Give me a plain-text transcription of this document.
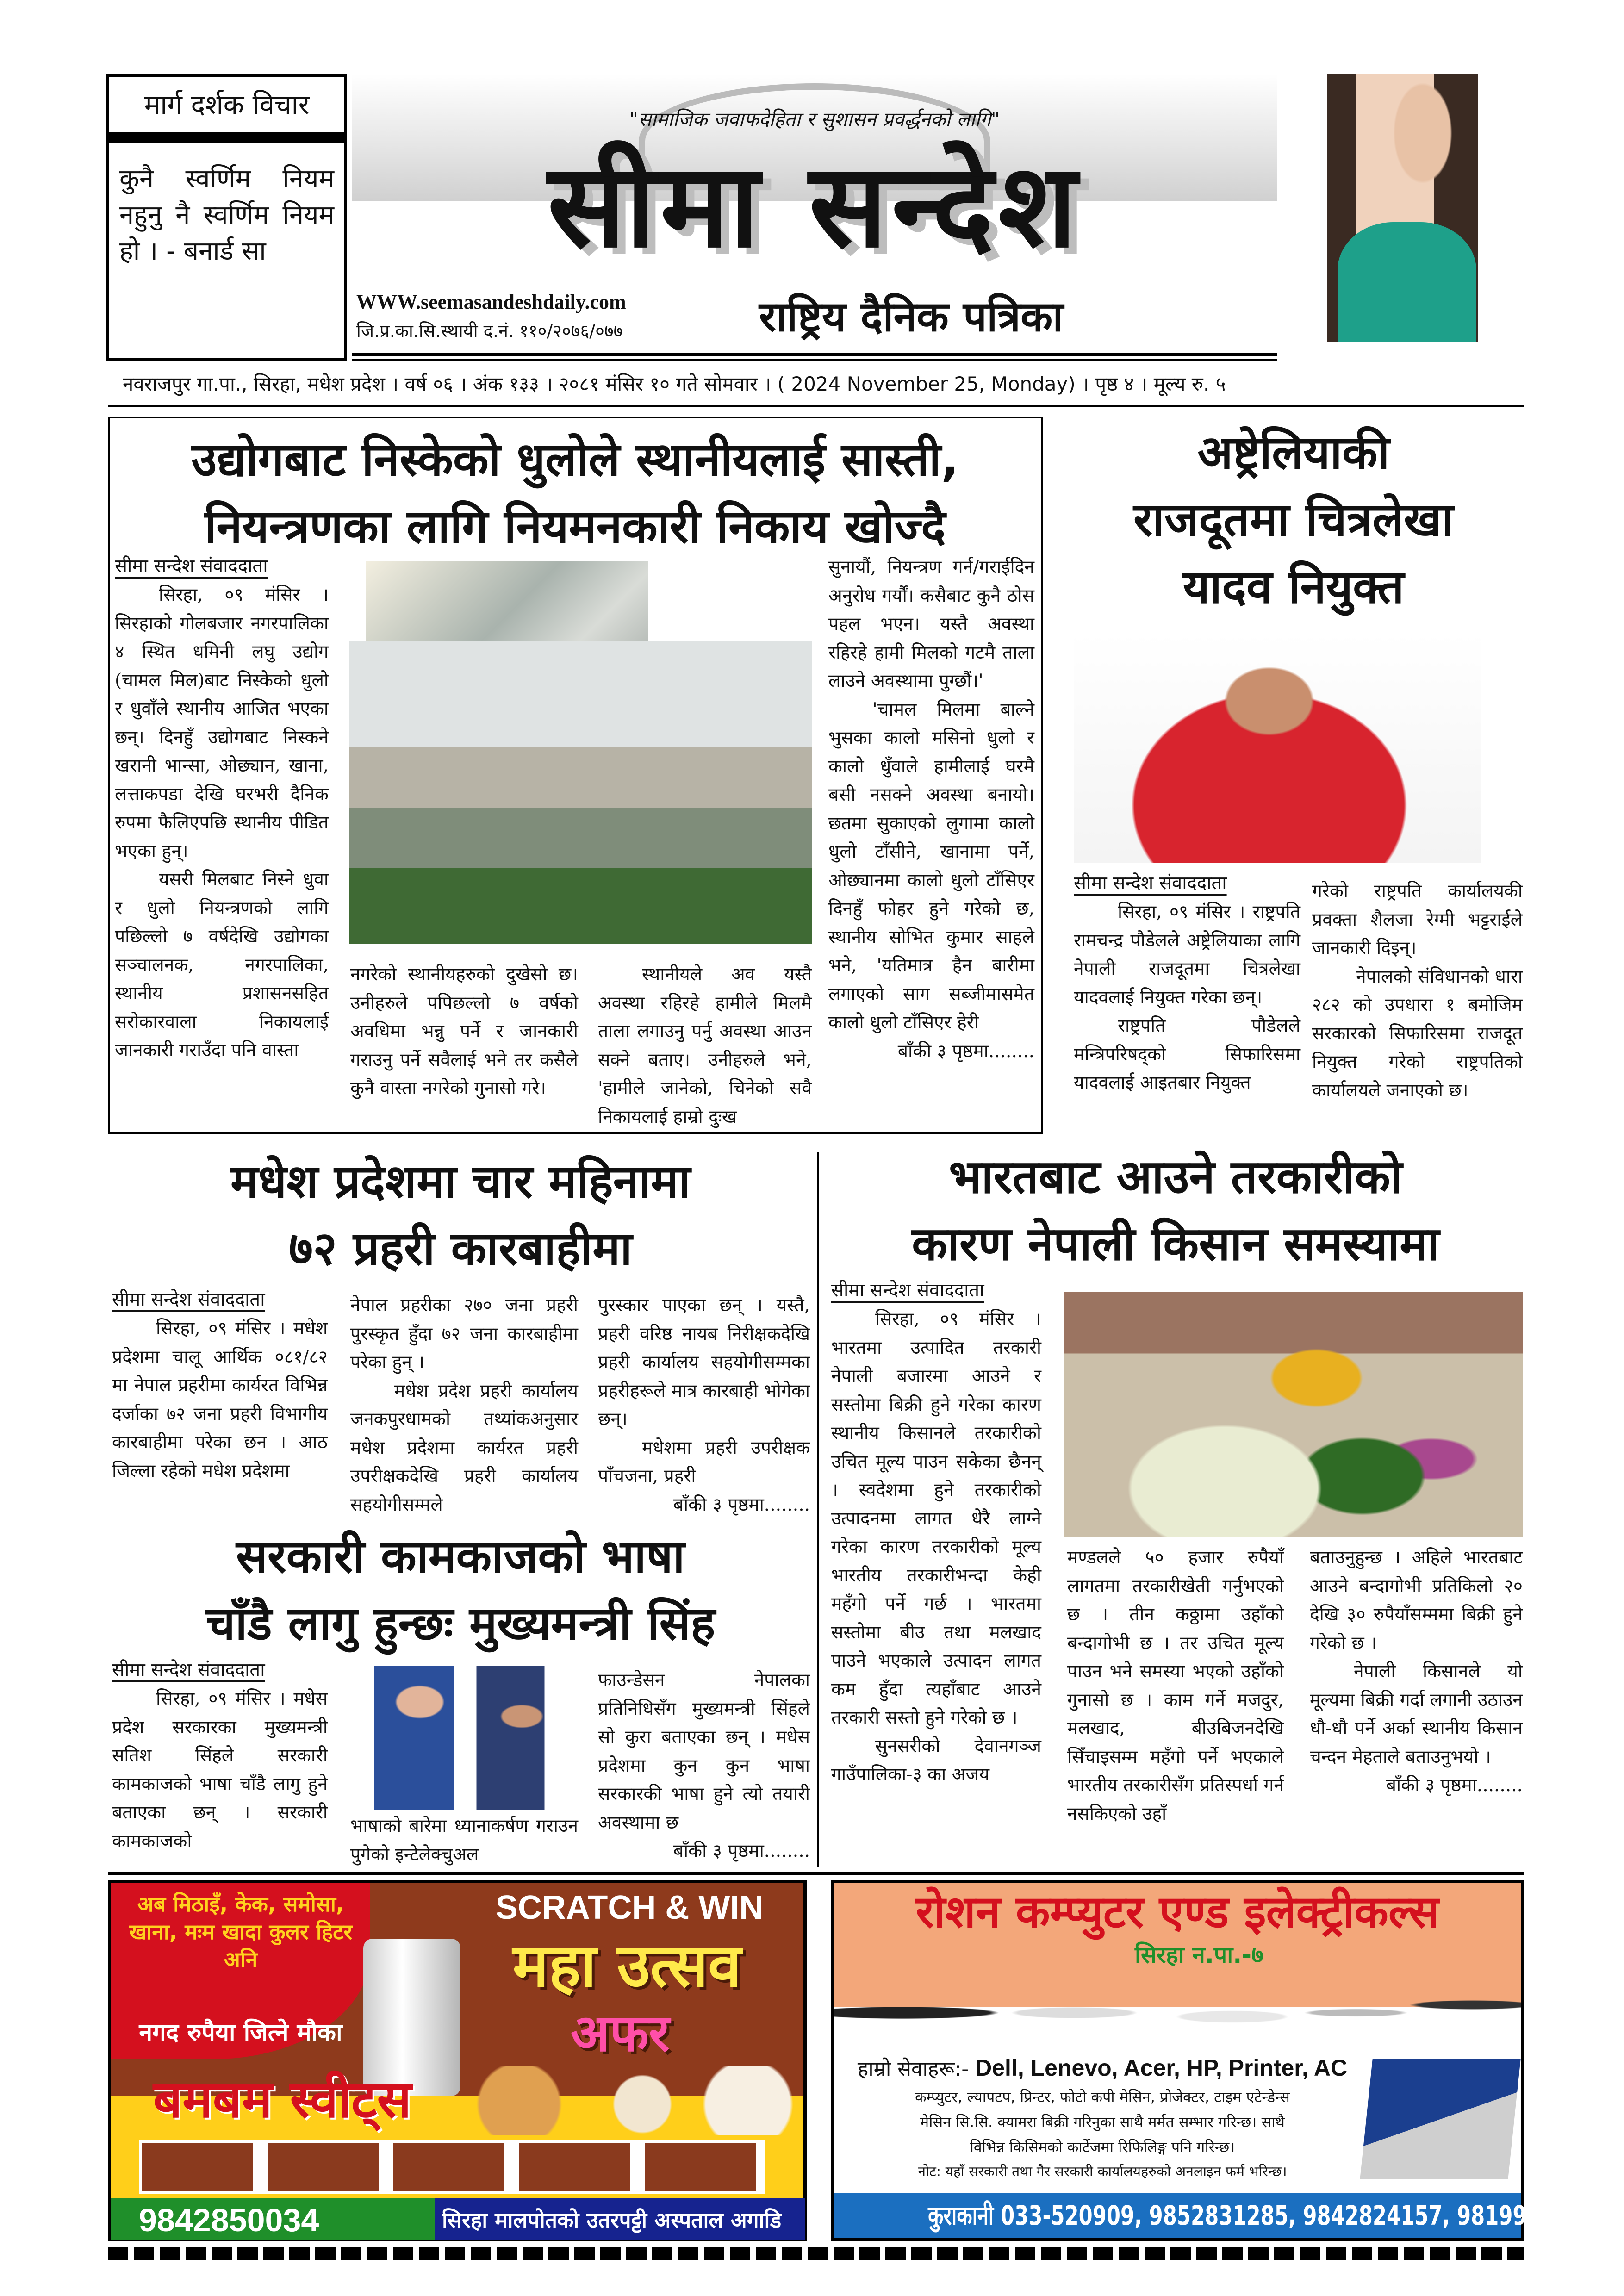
मार्ग दर्शक विचार
कुनै स्वर्णिम नियम नहुनु नै स्वर्णिम नियम हो । - बनार्ड सा
"सामाजिक जवाफदेहिता र सुशासन प्रवर्द्धनको लागि"
सीमा सन्देश
WWW.seemasandeshdaily.com
जि.प्र.का.सि.स्थायी द.नं. ११०/२०७६/०७७	राष्ट्रिय दैनिक पत्रिका
नवराजपुर गा.पा., सिरहा, मधेश प्रदेश । वर्ष ०६ । अंक १३३ । २०८१ मंसिर १० गते सोमवार । ( 2024 November 25, Monday) । पृष्ठ ४ । मूल्य रु. ५
उद्योगबाट निस्केको धुलोले स्थानीयलाई सास्ती,
नियन्त्रणका लागि नियमनकारी निकाय खोज्दै
सीमा सन्देश संवाददाता

सिरहा, ०९ मंसिर । सिरहाको गोलबजार नगरपालिका ४ स्थित धमिनी लघु उद्योग (चामल मिल)बाट निस्केको धुलो र धुवाँले स्थानीय आजित भएका छन्। दिनहुँ उद्योगबाट निस्कने खरानी भान्सा, ओछ्यान, खाना, लत्ताकपडा देखि घरभरी दैनिक रुपमा फैलिएपछि स्थानीय पीडित भएका हुन्।

यसरी मिलबाट निस्ने धुवा र धुलो नियन्त्रणको लागि पछिल्लो ७ वर्षदेखि उद्योगका सञ्चालनक, नगरपालिका, स्थानीय प्रशासनसहित सरोकारवाला निकायलाई जानकारी गराउँदा पनि वास्ता

नगरेको स्थानीयहरुको दुखेसो छ। उनीहरुले पपिछल्लो ७ वर्षको अवधिमा भन्नु पर्ने र जानकारी गराउनु पर्ने सवैलाई भने तर कसैले कुनै वास्ता नगरेको गुनासो गरे।

स्थानीयले अव यस्तै अवस्था रहिरहे हामीले मिलमै ताला लगाउनु पर्नु अवस्था आउन सक्ने बताए। उनीहरुले भने, 'हामीले जानेको, चिनेको सवै निकायलाई हाम्रो दुःख

सुनायौं, नियन्त्रण गर्न/गराईदिन अनुरोध गर्यौं। कसैबाट कुनै ठोस पहल भएन। यस्तै अवस्था रहिरहे हामी मिलको गटमै ताला लाउने अवस्थामा पुग्छौं।'

'चामल मिलमा बाल्ने भुसका कालो मसिनो धुलो र कालो धुँवाले हामीलाई घरमै बसी नसक्ने अवस्था बनायो। छतमा सुकाएको लुगामा कालो धुलो टाँसीने, खानामा पर्ने, ओछ्यानमा कालो धुलो टाँसिएर दिनहुँ फोहर हुने गरेको छ, स्थानीय सोभित कुमार साहले भने, 'यतिमात्र हैन बारीमा लगाएको साग सब्जीमासमेत कालो धुलो टाँसिएर हेरी

बाँकी ३ पृष्ठमा........

अष्ट्रेलियाकी
राजदूतमा चित्रलेखा
यादव नियुक्त
सीमा सन्देश संवाददाता

सिरहा, ०९ मंसिर । राष्ट्रपति रामचन्द्र पौडेलले अष्ट्रेलियाका लागि नेपाली राजदूतमा चित्रलेखा यादवलाई नियुक्त गरेका छन्।

राष्ट्रपति पौडेलले मन्त्रिपरिषद्को सिफारिसमा यादवलाई आइतबार नियुक्त

गरेको राष्ट्रपति कार्यालयकी प्रवक्ता शैलजा रेग्मी भट्टराईले जानकारी दिइन्।

नेपालको संविधानको धारा २८२ को उपधारा १ बमोजिम सरकारको सिफारिसमा राजदूत नियुक्त गरेको राष्ट्रपतिको कार्यालयले जनाएको छ।

मधेश प्रदेशमा चार महिनामा
७२ प्रहरी कारबाहीमा
सीमा सन्देश संवाददाता

सिरहा, ०९ मंसिर । मधेश प्रदेशमा चालू आर्थिक ०८१/८२ मा नेपाल प्रहरीमा कार्यरत विभिन्न दर्जाका ७२ जना प्रहरी विभागीय कारबाहीमा परेका छन । आठ जिल्ला रहेको मधेश प्रदेशमा

नेपाल प्रहरीका २७० जना प्रहरी पुरस्कृत हुँदा ७२ जना कारबाहीमा परेका हुन् ।

मधेश प्रदेश प्रहरी कार्यालय जनकपुरधामको तथ्यांकअनुसार मधेश प्रदेशमा कार्यरत प्रहरी उपरीक्षकदेखि प्रहरी कार्यालय सहयोगीसम्मले

पुरस्कार पाएका छन् । यस्तै, प्रहरी वरिष्ठ नायब निरीक्षकदेखि प्रहरी कार्यालय सहयोगीसम्मका प्रहरीहरूले मात्र कारबाही भोगेका छन्।

मधेशमा प्रहरी उपरीक्षक पाँचजना, प्रहरी

बाँकी ३ पृष्ठमा........

भारतबाट आउने तरकारीको
कारण नेपाली किसान समस्यामा
सीमा सन्देश संवाददाता

सिरहा, ०९ मंसिर । भारतमा उत्पादित तरकारी नेपाली बजारमा आउने र सस्तोमा बिक्री हुने गरेका कारण स्थानीय किसानले तरकारीको उचित मूल्य पाउन सकेका छैनन् । स्वदेशमा हुने तरकारीको उत्पादनमा लागत धेरै लाग्ने गरेका कारण तरकारीको मूल्य भारतीय तरकारीभन्दा केही महँगो पर्ने गर्छ । भारतमा सस्तोमा बीउ तथा मलखाद पाउने भएकाले उत्पादन लागत कम हुँदा त्यहाँबाट आउने तरकारी सस्तो हुने गरेको छ ।

सुनसरीको देवानगञ्ज गाउँपालिका-३ का अजय

मण्डलले ५० हजार रुपैयाँ लागतमा तरकारीखेती गर्नुभएको छ । तीन कठ्ठामा उहाँको बन्दागोभी छ । तर उचित मूल्य पाउन भने समस्या भएको उहाँको गुनासो छ । काम गर्ने मजदुर, मलखाद, बीउबिजनदेखि सिँचाइसम्म महँगो पर्ने भएकाले भारतीय तरकारीसँग प्रतिस्पर्धा गर्न नसकिएको उहाँ

बताउनुहुन्छ । अहिले भारतबाट आउने बन्दागोभी प्रतिकिलो २० देखि ३० रुपैयाँसम्ममा बिक्री हुने गरेको छ ।

नेपाली किसानले यो मूल्यमा बिक्री गर्दा लगानी उठाउन धौ-धौ पर्ने अर्का स्थानीय किसान चन्दन मेहताले बताउनुभयो ।

बाँकी ३ पृष्ठमा........

सरकारी कामकाजको भाषा
चाँडै लागु हुन्छः मुख्यमन्त्री सिंह
सीमा सन्देश संवाददाता

सिरहा, ०९ मंसिर । मधेस प्रदेश सरकारका मुख्यमन्त्री सतिश सिंहले सरकारी कामकाजको भाषा चाँडै लागु हुने बताएका छन् । सरकारी कामकाजको

भाषाको बारेमा ध्यानाकर्षण गराउन पुगेको इन्टेलेक्चुअल

फाउन्डेसन नेपालका प्रतिनिधिसँग मुख्यमन्त्री सिंहले सो कुरा बताएका छन् । मधेस प्रदेशमा कुन कुन भाषा सरकारकी भाषा हुने त्यो तयारी अवस्थामा छ

बाँकी ३ पृष्ठमा........

अब मिठाइँ, केक, समोसा, खाना, मःम खादा कुलर हिटर अनि
नगद रुपैया जित्ने मौका
SCRATCH & WIN
महा उत्सव
अफर
बमबम स्वीट्स
9842850034	सिरहा मालपोतको उतरपट्टी अस्पताल अगाडि
रोशन कम्प्युटर एण्ड इलेक्ट्रीकल्स
सिरहा न.पा.-७
हाम्रो सेवाहरू:- Dell, Lenevo, Acer, HP, Printer, AC
कम्प्युटर, ल्यापटप, प्रिन्टर, फोटो कपी मेसिन, प्रोजेक्टर, टाइम एटेन्डेन्स
मेसिन सि.सि. क्यामरा बिक्री गरिनुका साथै मर्मत सम्भार गरिन्छ। साथै
विभिन्न किसिमको कार्टेजमा रिफिलिङ्ग पनि गरिन्छ।
नोट: यहाँ सरकारी तथा गैर सरकारी कार्यालयहरुको अनलाइन फर्म भरिन्छ।
कुराकानी 033-520909, 9852831285, 9842824157, 9819919967
